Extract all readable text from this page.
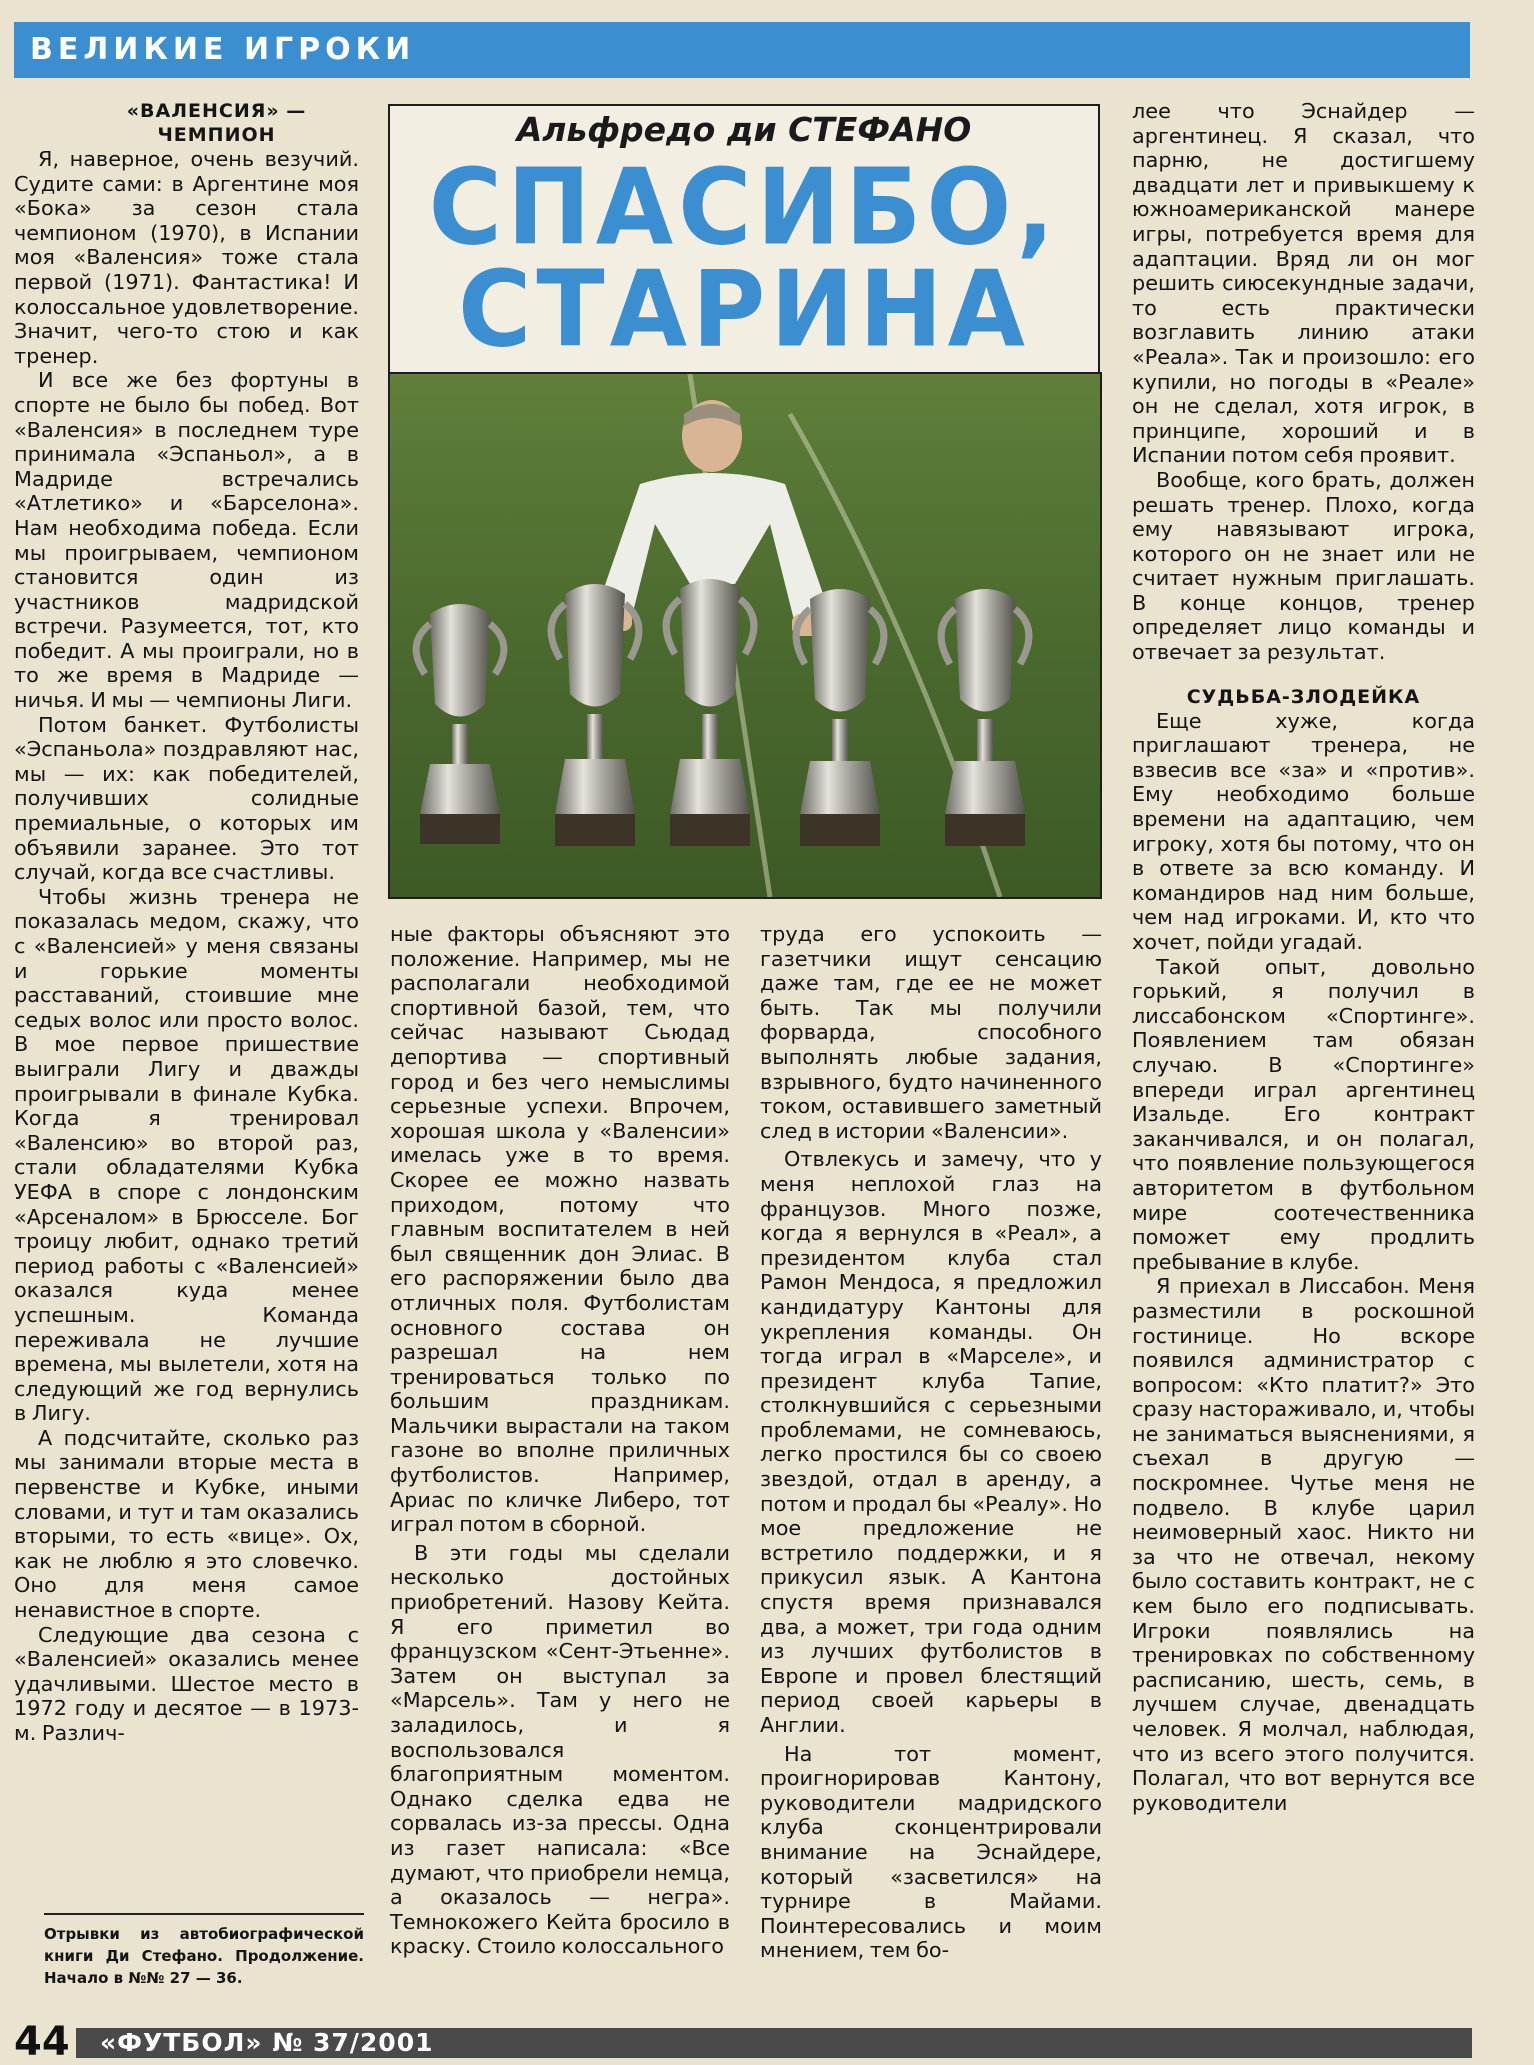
ВЕЛИКИЕ ИГРОКИ
«ВАЛЕНСИЯ» — ЧЕМПИОН

Я, наверное, очень везучий. Судите сами: в Аргентине моя «Бока» за сезон стала чемпионом (1970), в Испании моя «Валенсия» тоже стала первой (1971). Фантастика! И колоссальное удовлетворение. Значит, чего-то стою и как тренер.

И все же без фортуны в спорте не было бы побед. Вот «Валенсия» в последнем туре принимала «Эспаньол», а в Мадриде встречались «Атлетико» и «Барселона». Нам необходима победа. Если мы проигрываем, чемпионом становится один из участников мадридской встречи. Разумеется, тот, кто победит. А мы проиграли, но в то же время в Мадриде — ничья. И мы — чемпионы Лиги.

Потом банкет. Футболисты «Эспаньола» поздравляют нас, мы — их: как победителей, получивших солидные премиальные, о которых им объявили заранее. Это тот случай, когда все счастливы.

Чтобы жизнь тренера не показалась медом, скажу, что с «Валенсией» у меня связаны и горькие моменты расставаний, стоившие мне седых волос или просто волос. В мое первое пришествие выиграли Лигу и дважды проигрывали в финале Кубка. Когда я тренировал «Валенсию» во второй раз, стали обладателями Кубка УЕФА в споре с лондонским «Арсеналом» в Брюсселе. Бог троицу любит, однако третий период работы с «Валенсией» оказался куда менее успешным. Команда переживала не лучшие времена, мы вылетели, хотя на следующий же год вернулись в Лигу.

А подсчитайте, сколько раз мы занимали вторые места в первенстве и Кубке, иными словами, и тут и там оказались вторыми, то есть «вице». Ох, как не люблю я это словечко. Оно для меня самое ненавистное в спорте.

Следующие два сезона с «Валенсией» оказались менее удачливыми. Шестое место в 1972 году и десятое — в 1973-м. Различ-

Альфредо ди СТЕФАНО
СПАСИБО,
СТАРИНА

ные факторы объясняют это положение. Например, мы не располагали необходимой спортивной базой, тем, что сейчас называют Сьюдад депортива — спортивный город и без чего немыслимы серьезные успехи. Впрочем, хорошая школа у «Валенсии» имелась уже в то время. Скорее ее можно назвать приходом, потому что главным воспитателем в ней был священник дон Элиас. В его распоряжении было два отличных поля. Футболистам основного состава он разрешал на нем тренироваться только по большим праздникам. Мальчики вырастали на таком газоне во вполне приличных футболистов. Например, Ариас по кличке Либеро, тот играл потом в сборной.

В эти годы мы сделали несколько достойных приобретений. Назову Кейта. Я его приметил во французском «Сент-Этьенне». Затем он выступал за «Марсель». Там у него не заладилось, и я воспользовался благоприятным моментом. Однако сделка едва не сорвалась из-за прессы. Одна из газет написала: «Все думают, что приобрели немца, а оказалось — негра». Темнокожего Кейта бросило в краску. Стоило колоссального

труда его успокоить — газетчики ищут сенсацию даже там, где ее не может быть. Так мы получили форварда, способного выполнять любые задания, взрывного, будто начиненного током, оставившего заметный след в истории «Валенсии».

Отвлекусь и замечу, что у меня неплохой глаз на французов. Много позже, когда я вернулся в «Реал», а президентом клуба стал Рамон Мендоса, я предложил кандидатуру Кантоны для укрепления команды. Он тогда играл в «Марселе», и президент клуба Тапие, столкнувшийся с серьезными проблемами, не сомневаюсь, легко простился бы со своею звездой, отдал в аренду, а потом и продал бы «Реалу». Но мое предложение не встретило поддержки, и я прикусил язык. А Кантона спустя время признавался два, а может, три года одним из лучших футболистов в Европе и провел блестящий период своей карьеры в Англии.

На тот момент, проигнорировав Кантону, руководители мадридского клуба сконцентрировали внимание на Эснайдере, который «засветился» на турнире в Майами. Поинтересовались и моим мнением, тем бо-

лее что Эснайдер — аргентинец. Я сказал, что парню, не достигшему двадцати лет и привыкшему к южноамериканской манере игры, потребуется время для адаптации. Вряд ли он мог решить сиюсекундные задачи, то есть практически возглавить линию атаки «Реала». Так и произошло: его купили, но погоды в «Реале» он не сделал, хотя игрок, в принципе, хороший и в Испании потом себя проявит.

Вообще, кого брать, должен решать тренер. Плохо, когда ему навязывают игрока, которого он не знает или не считает нужным приглашать. В конце концов, тренер определяет лицо команды и отвечает за результат.

СУДЬБА-ЗЛОДЕЙКА

Еще хуже, когда приглашают тренера, не взвесив все «за» и «против». Ему необходимо больше времени на адаптацию, чем игроку, хотя бы потому, что он в ответе за всю команду. И командиров над ним больше, чем над игроками. И, кто что хочет, пойди угадай.

Такой опыт, довольно горький, я получил в лиссабонском «Спортинге». Появлением там обязан случаю. В «Спортинге» впереди играл аргентинец Изальде. Его контракт заканчивался, и он полагал, что появление пользующегося авторитетом в футбольном мире соотечественника поможет ему продлить пребывание в клубе.

Я приехал в Лиссабон. Меня разместили в роскошной гостинице. Но вскоре появился администратор с вопросом: «Кто платит?» Это сразу настораживало, и, чтобы не заниматься выяснениями, я съехал в другую — поскромнее. Чутье меня не подвело. В клубе царил неимоверный хаос. Никто ни за что не отвечал, некому было составить контракт, не с кем было его подписывать. Игроки появлялись на тренировках по собственному расписанию, шесть, семь, в лучшем случае, двенадцать человек. Я молчал, наблюдая, что из всего этого получится. Полагал, что вот вернутся все руководители

Отрывки из автобиографической книги Ди Стефано. Продолжение. Начало в №№ 27 — 36.
44 «ФУТБОЛ» № 37/2001
